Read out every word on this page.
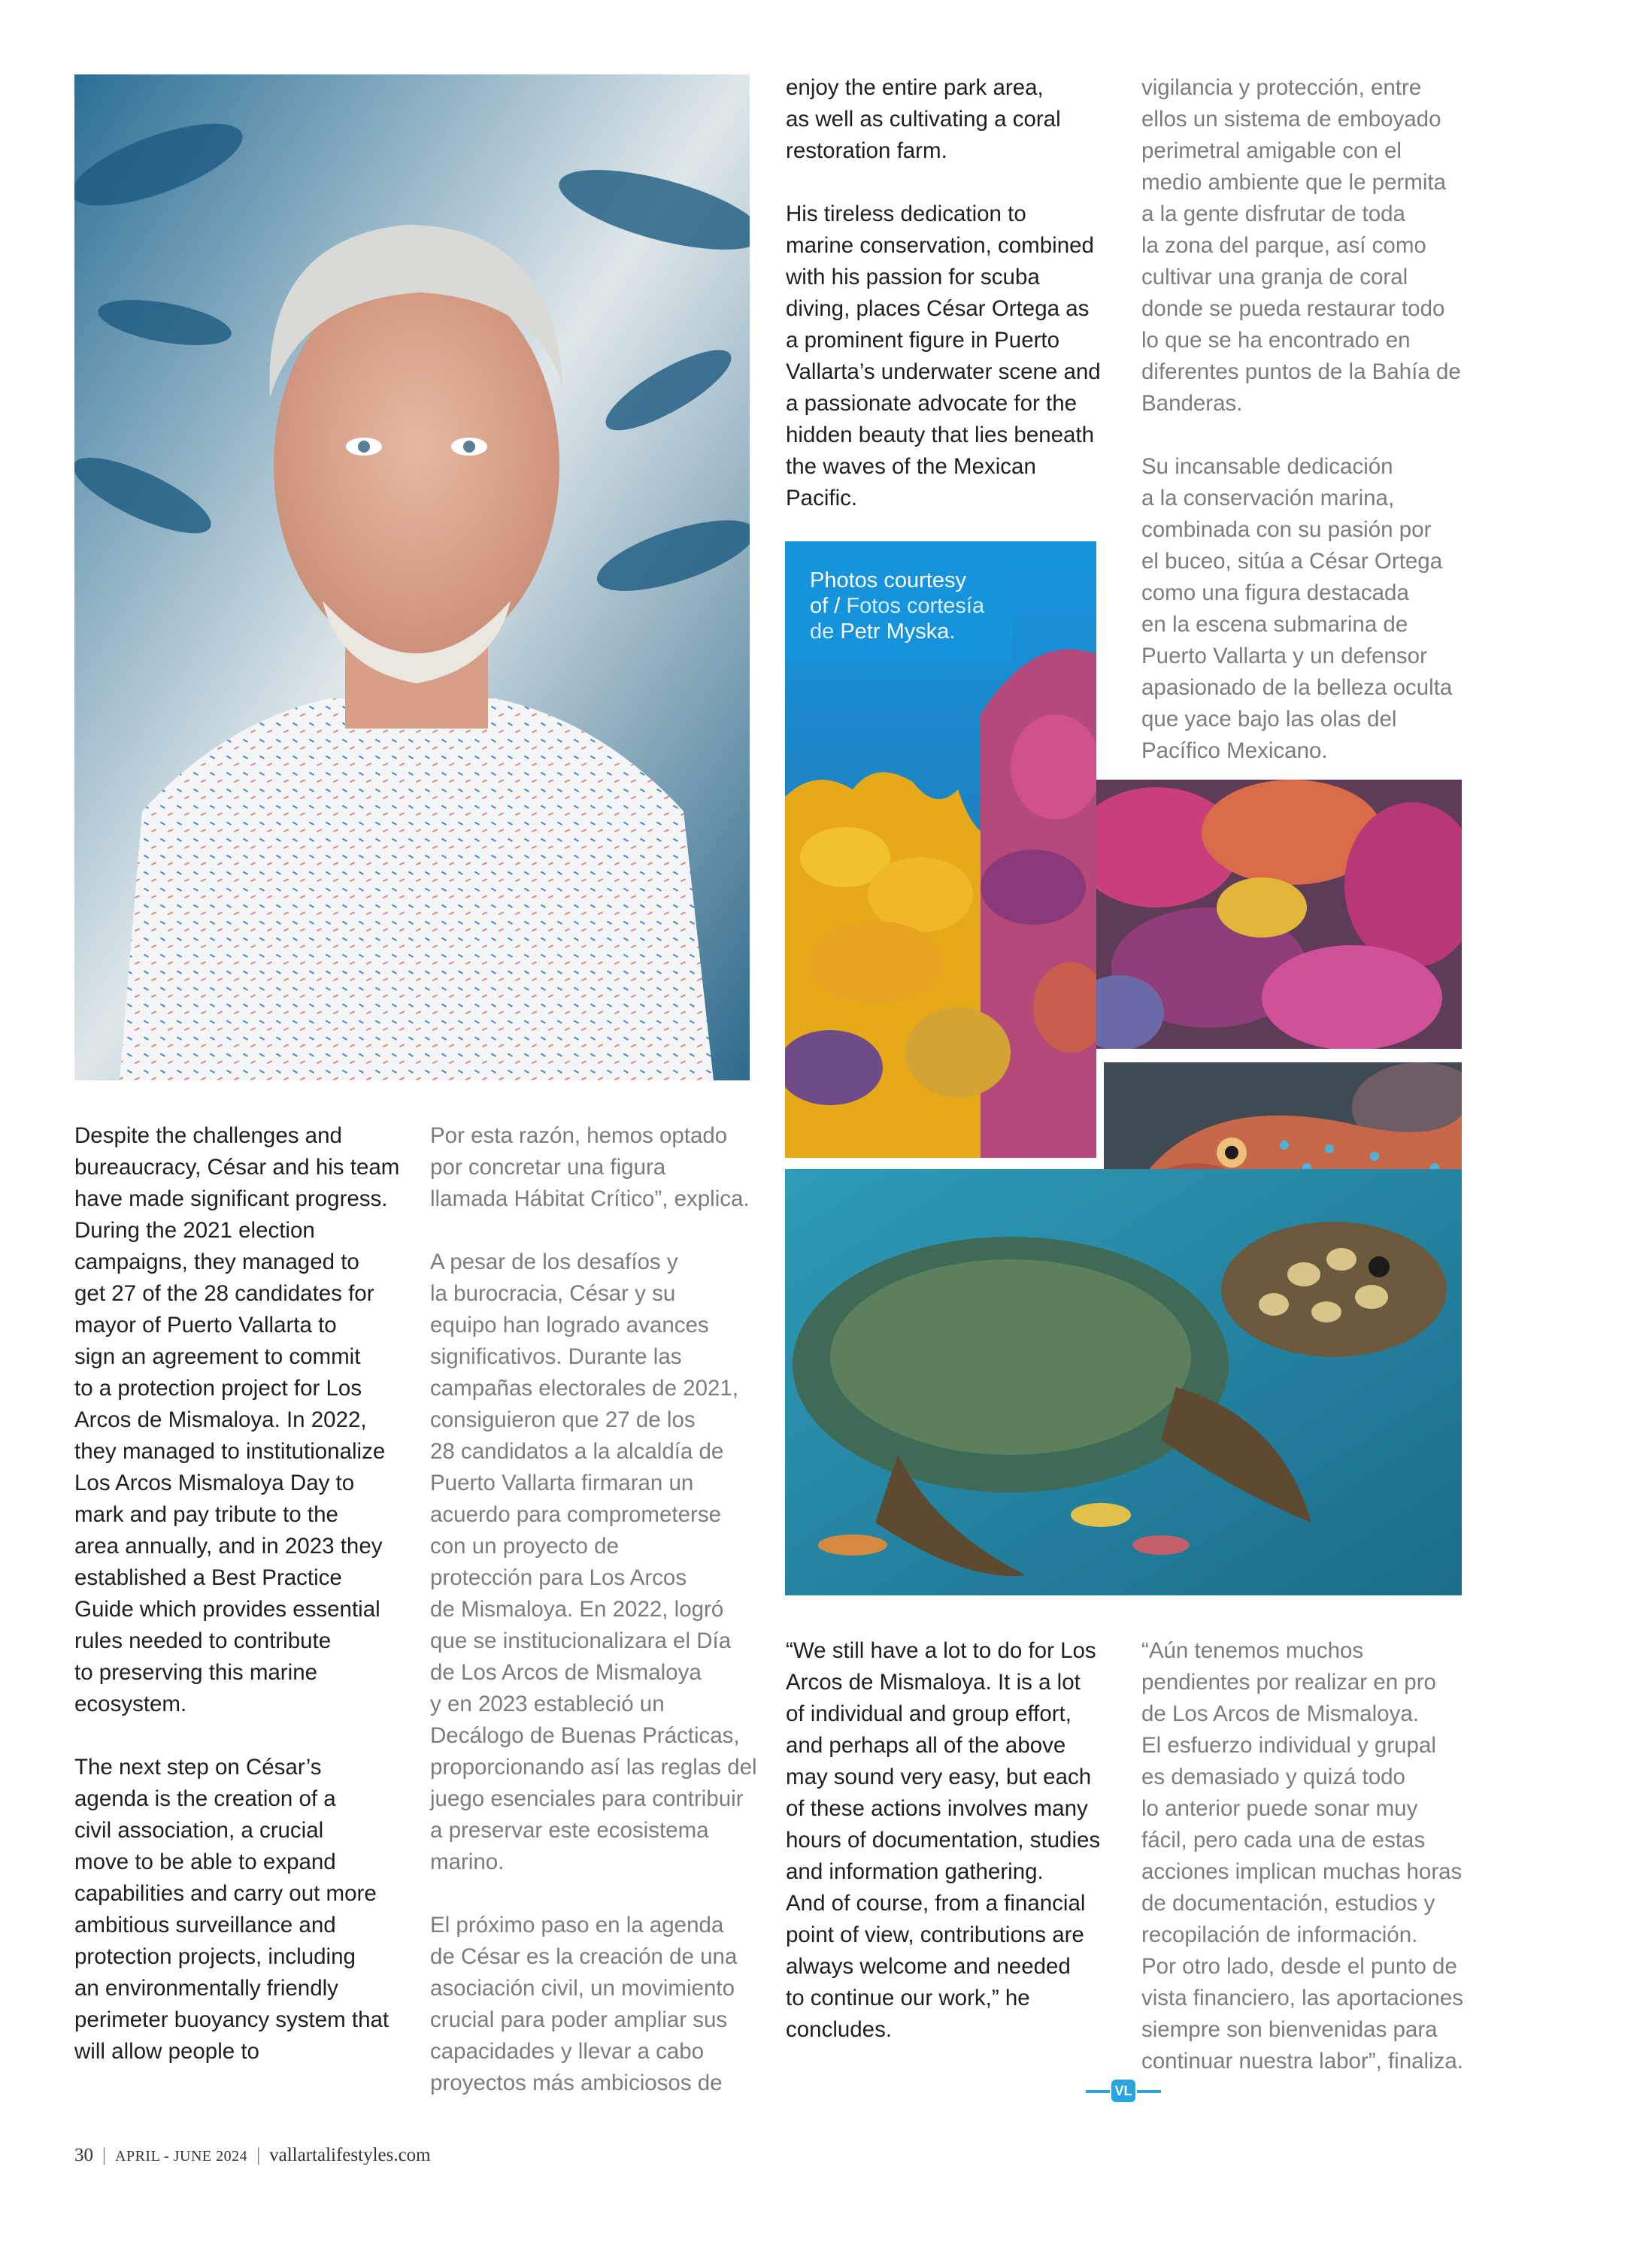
Photos courtesy
of / Fotos cortesía
de Petr Myska.
Despite the challenges and
bureaucracy, César and his team
have made significant progress.
During the 2021 election
campaigns, they managed to
get 27 of the 28 candidates for
mayor of Puerto Vallarta to
sign an agreement to commit
to a protection project for Los
Arcos de Mismaloya. In 2022,
they managed to institutionalize
Los Arcos Mismaloya Day to
mark and pay tribute to the
area annually, and in 2023 they
established a Best Practice
Guide which provides essential
rules needed to contribute
to preserving this marine
ecosystem.

The next step on César’s
agenda is the creation of a
civil association, a crucial
move to be able to expand
capabilities and carry out more
ambitious surveillance and
protection projects, including
an environmentally friendly
perimeter buoyancy system that
will allow people to
Por esta razón, hemos optado
por concretar una figura
llamada Hábitat Crítico”, explica.

A pesar de los desafíos y
la burocracia, César y su
equipo han logrado avances
significativos. Durante las
campañas electorales de 2021,
consiguieron que 27 de los
28 candidatos a la alcaldía de
Puerto Vallarta firmaran un
acuerdo para comprometerse
con un proyecto de
protección para Los Arcos
de Mismaloya. En 2022, logró
que se institucionalizara el Día
de Los Arcos de Mismaloya
y en 2023 estableció un
Decálogo de Buenas Prácticas,
proporcionando así las reglas del
juego esenciales para contribuir
a preservar este ecosistema
marino.

El próximo paso en la agenda
de César es la creación de una
asociación civil, un movimiento
crucial para poder ampliar sus
capacidades y llevar a cabo
proyectos más ambiciosos de
enjoy the entire park area,
as well as cultivating a coral
restoration farm.

His tireless dedication to
marine conservation, combined
with his passion for scuba
diving, places César Ortega as
a prominent figure in Puerto
Vallarta’s underwater scene and
a passionate advocate for the
hidden beauty that lies beneath
the waves of the Mexican
Pacific.
vigilancia y protección, entre
ellos un sistema de emboyado
perimetral amigable con el
medio ambiente que le permita
a la gente disfrutar de toda
la zona del parque, así como
cultivar una granja de coral
donde se pueda restaurar todo
lo que se ha encontrado en
diferentes puntos de la Bahía de
Banderas.

Su incansable dedicación
a la conservación marina,
combinada con su pasión por
el buceo, sitúa a César Ortega
como una figura destacada
en la escena submarina de
Puerto Vallarta y un defensor
apasionado de la belleza oculta
que yace bajo las olas del
Pacífico Mexicano.
“We still have a lot to do for Los
Arcos de Mismaloya. It is a lot
of individual and group effort,
and perhaps all of the above
may sound very easy, but each
of these actions involves many
hours of documentation, studies
and information gathering.
And of course, from a financial
point of view, contributions are
always welcome and needed
to continue our work,” he
concludes.
“Aún tenemos muchos
pendientes por realizar en pro
de Los Arcos de Mismaloya.
El esfuerzo individual y grupal
es demasiado y quizá todo
lo anterior puede sonar muy
fácil, pero cada una de estas
acciones implican muchas horas
de documentación, estudios y
recopilación de información.
Por otro lado, desde el punto de
vista financiero, las aportaciones
siempre son bienvenidas para
continuar nuestra labor”, finaliza.
VL
30 | APRIL - JUNE 2024 | vallartalifestyles.com
